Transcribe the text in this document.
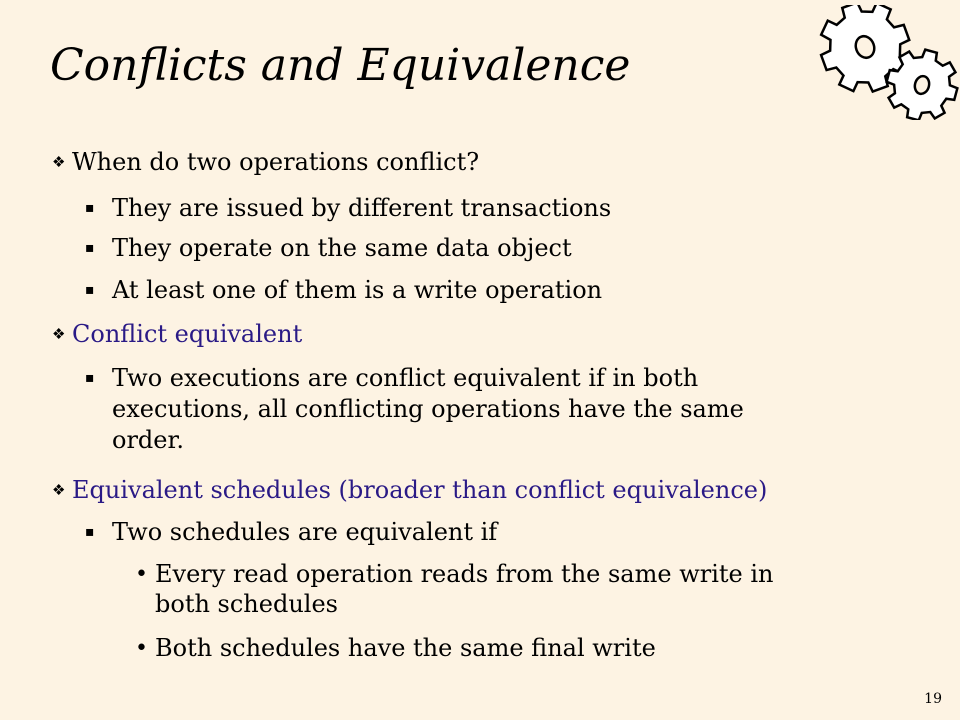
Conflicts and Equivalence
❖ When do two operations conflict?
▪ They are issued by different transactions
▪ They operate on the same data object
▪ At least one of them is a write operation
❖ Conflict equivalent
▪ Two executions are conflict equivalent if in both
executions, all conflicting operations have the same
order.
❖ Equivalent schedules (broader than conflict equivalence)
▪ Two schedules are equivalent if
• Every read operation reads from the same write in
both schedules
• Both schedules have the same final write
19
